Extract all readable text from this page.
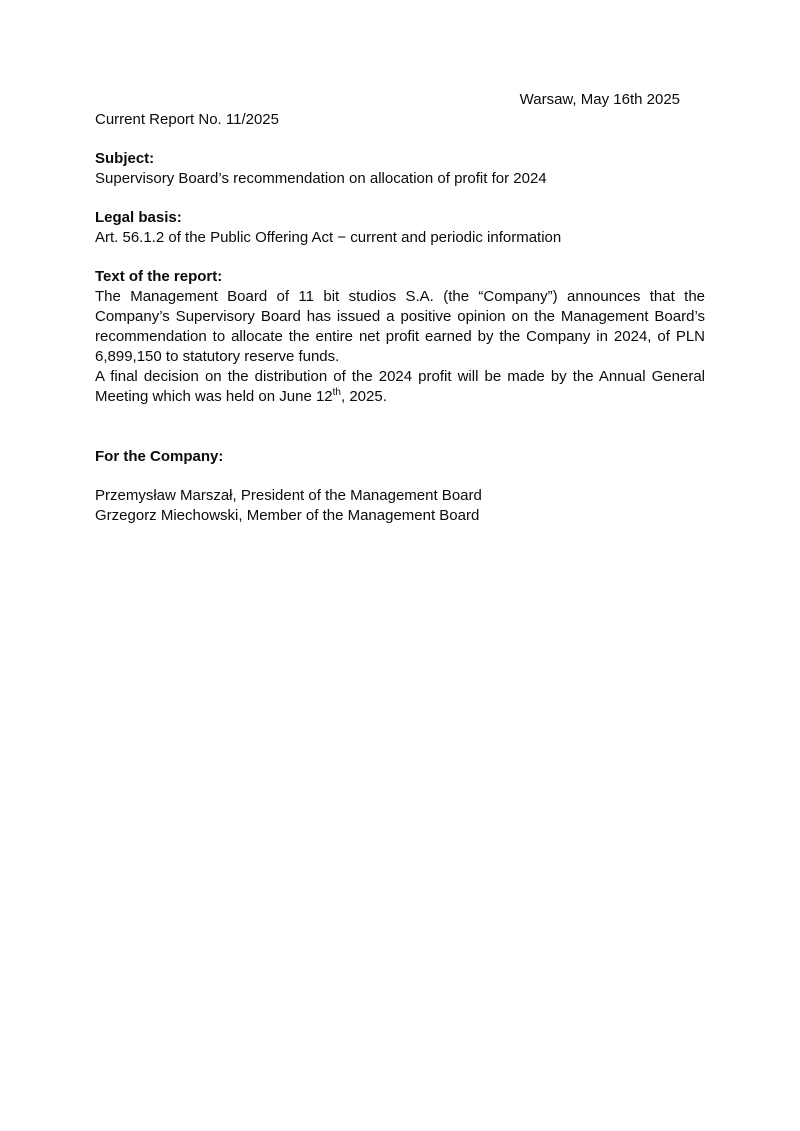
Warsaw, May 16th 2025
Current Report No. 11/2025
Subject:
Supervisory Board’s recommendation on allocation of profit for 2024
Legal basis:
Art. 56.1.2 of the Public Offering Act − current and periodic information
Text of the report:
The Management Board of 11 bit studios S.A. (the “Company”) announces that the Company’s Supervisory Board has issued a positive opinion on the Management Board’s recommendation to allocate the entire net profit earned by the Company in 2024, of PLN 6,899,150 to statutory reserve funds.
A final decision on the distribution of the 2024 profit will be made by the Annual General Meeting which was held on June 12th, 2025.
For the Company:
Przemysław Marszał, President of the Management Board
Grzegorz Miechowski, Member of the Management Board
